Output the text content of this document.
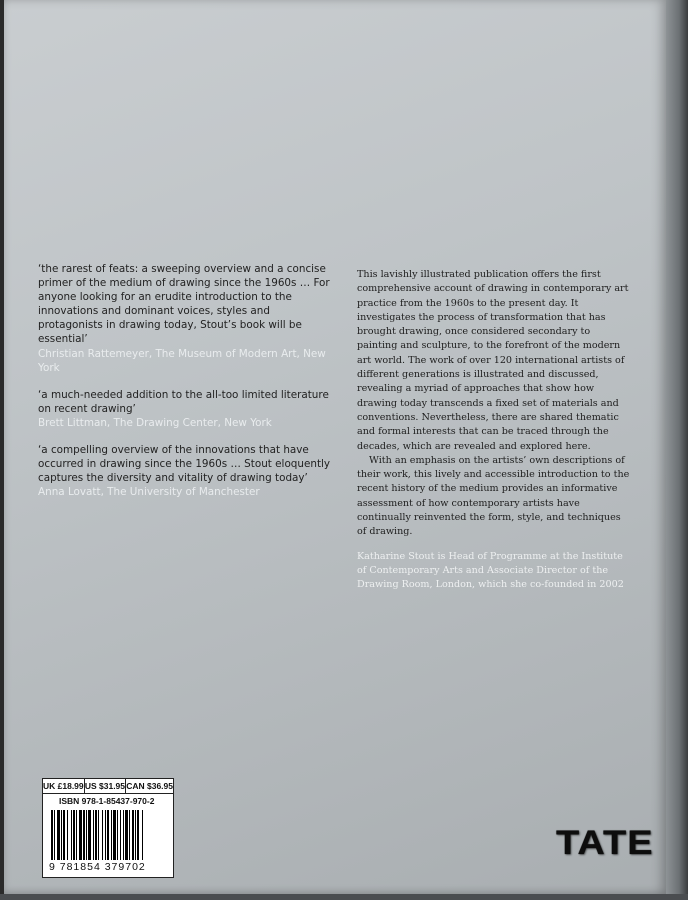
‘the rarest of feats: a sweeping overview and a concise primer of the medium of drawing since the 1960s … For anyone looking for an erudite introduction to the innovations and dominant voices, styles and protagonists in drawing today, Stout’s book will be essential’

Christian Rattemeyer, The Museum of Modern Art, New York

‘a much-needed addition to the all-too limited literature on recent drawing’

Brett Littman, The Drawing Center, New York

‘a compelling overview of the innovations that have occurred in drawing since the 1960s … Stout eloquently captures the diversity and vitality of drawing today’

Anna Lovatt, The University of Manchester

This lavishly illustrated publication offers the first comprehensive account of drawing in contemporary art practice from the 1960s to the present day. It investigates the process of transformation that has brought drawing, once considered secondary to painting and sculpture, to the forefront of the modern art world. The work of over 120 international artists of different generations is illustrated and discussed, revealing a myriad of approaches that show how drawing today transcends a fixed set of materials and conventions. Nevertheless, there are shared thematic and formal interests that can be traced through the decades, which are revealed and explored here.

With an emphasis on the artists’ own descriptions of their work, this lively and accessible introduction to the recent history of the medium provides an informative assessment of how contemporary artists have continually reinvented the form, style, and techniques of drawing.

Katharine Stout is Head of Programme at the Institute of Contemporary Arts and Associate Director of the Drawing Room, London, which she co-founded in 2002

UK £18.99 US $31.95 CAN $36.95
ISBN 978-1-85437-970-2
9 781854 379702
TATE
